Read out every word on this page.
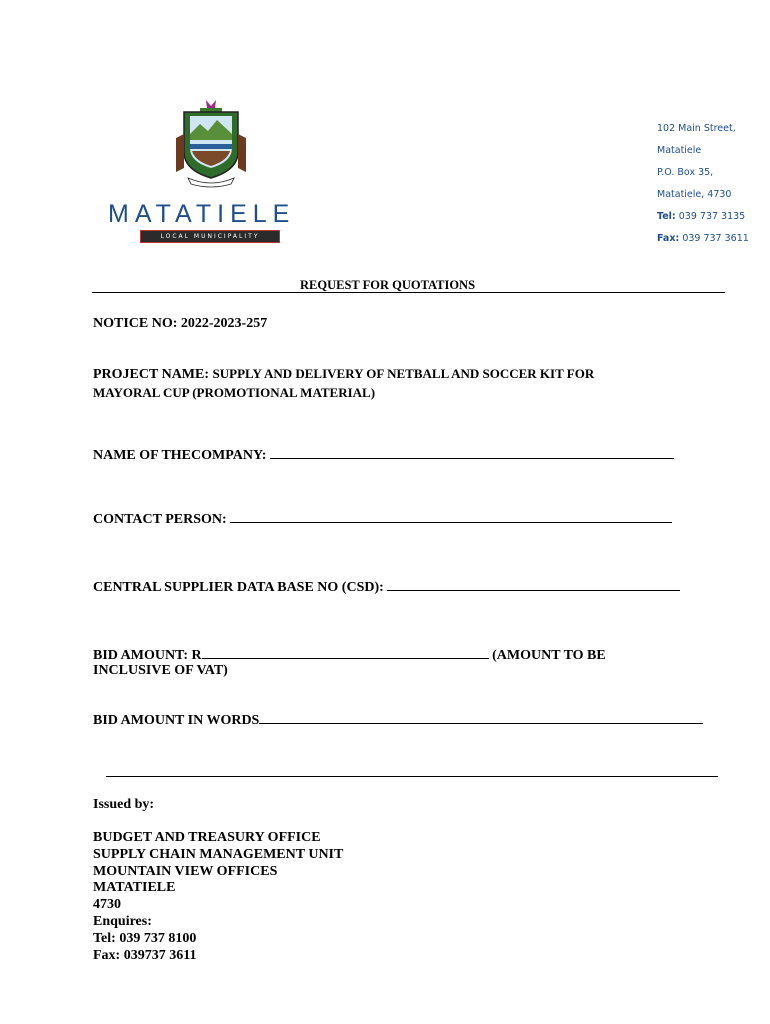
MATATIELE
LOCAL MUNICIPALITY
102 Main Street,
Matatiele
P.O. Box 35,
Matatiele, 4730
Tel: 039 737 3135
Fax: 039 737 3611
REQUEST FOR QUOTATIONS
NOTICE NO: 2022-2023-257
PROJECT NAME: SUPPLY AND DELIVERY OF NETBALL AND SOCCER KIT FOR
MAYORAL CUP (PROMOTIONAL MATERIAL)
NAME OF THECOMPANY:
CONTACT PERSON:
CENTRAL SUPPLIER DATA BASE NO (CSD):
BID AMOUNT: R	(AMOUNT TO BE
INCLUSIVE OF VAT)
BID AMOUNT IN WORDS
Issued by:
BUDGET AND TREASURY OFFICE
SUPPLY CHAIN MANAGEMENT UNIT
MOUNTAIN VIEW OFFICES
MATATIELE
4730
Enquires:
Tel: 039 737 8100
Fax: 039737 3611
